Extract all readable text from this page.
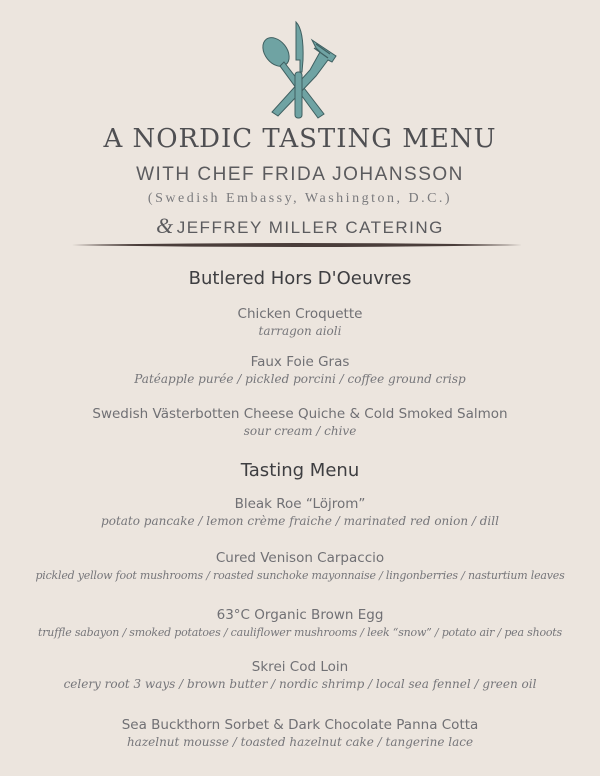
A NORDIC TASTING MENU
WITH CHEF FRIDA JOHANSSON
(Swedish Embassy, Washington, D.C.)
& JEFFREY MILLER CATERING
Butlered Hors D'Oeuvres
Chicken Croquette
tarragon aioli
Faux Foie Gras
Patéapple purée / pickled porcini / coffee ground crisp
Swedish Västerbotten Cheese Quiche & Cold Smoked Salmon
sour cream / chive
Tasting Menu
Bleak Roe “Löjrom”
potato pancake / lemon crème fraiche / marinated red onion / dill
Cured Venison Carpaccio
pickled yellow foot mushrooms / roasted sunchoke mayonnaise / lingonberries / nasturtium leaves
63°C Organic Brown Egg
truffle sabayon / smoked potatoes / cauliflower mushrooms / leek “snow” / potato air / pea shoots
Skrei Cod Loin
celery root 3 ways / brown butter / nordic shrimp / local sea fennel / green oil
Sea Buckthorn Sorbet & Dark Chocolate Panna Cotta
hazelnut mousse / toasted hazelnut cake / tangerine lace
